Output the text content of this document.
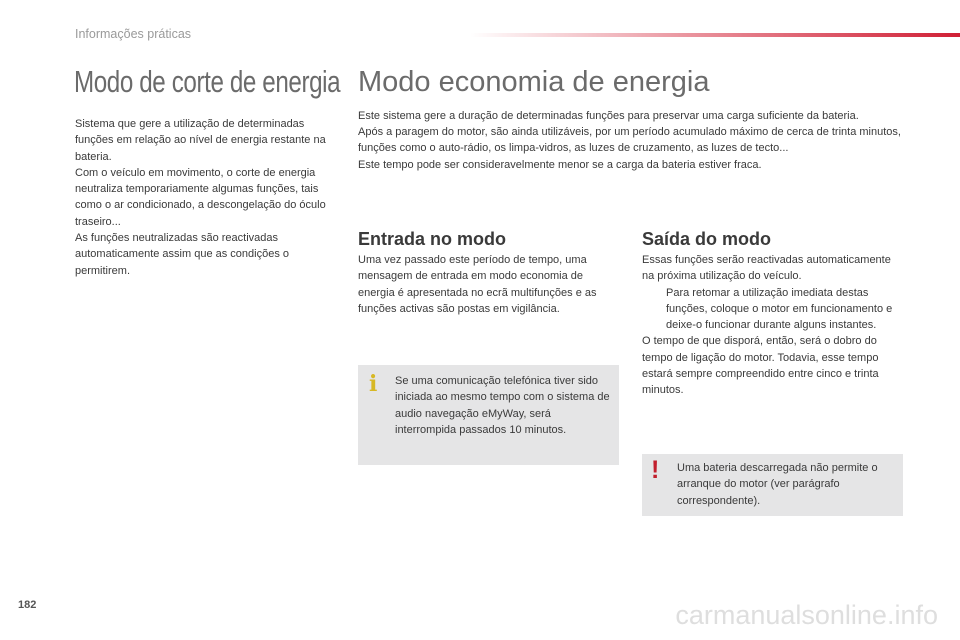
Informações práticas
Modo de corte de energia

Sistema que gere a utilização de determinadas funções em relação ao nível de energia restante na bateria.
Com o veículo em movimento, o corte de energia neutraliza temporariamente algumas funções, tais como o ar condicionado, a descongelação do óculo traseiro...
As funções neutralizadas são reactivadas automaticamente assim que as condições o permitirem.

Modo economia de energia

Este sistema gere a duração de determinadas funções para preservar uma carga suficiente da bateria.
Após a paragem do motor, são ainda utilizáveis, por um período acumulado máximo de cerca de trinta minutos, funções como o auto-rádio, os limpa-vidros, as luzes de cruzamento, as luzes de tecto...
Este tempo pode ser consideravelmente menor se a carga da bateria estiver fraca.

Entrada no modo

Uma vez passado este período de tempo, uma mensagem de entrada em modo economia de energia é apresentada no ecrã multifunções e as funções activas são postas em vigilância.

i Se uma comunicação telefónica tiver sido iniciada ao mesmo tempo com o sistema de audio navegação eMyWay, será interrompida passados 10 minutos.

Saída do modo

Essas funções serão reactivadas automaticamente na próxima utilização do veículo.

Para retomar a utilização imediata destas funções, coloque o motor em funcionamento e deixe-o funcionar durante alguns instantes.

O tempo de que disporá, então, será o dobro do tempo de ligação do motor. Todavia, esse tempo estará sempre compreendido entre cinco e trinta minutos.

! Uma bateria descarregada não permite o arranque do motor (ver parágrafo correspondente).

182	carmanualsonline.info
